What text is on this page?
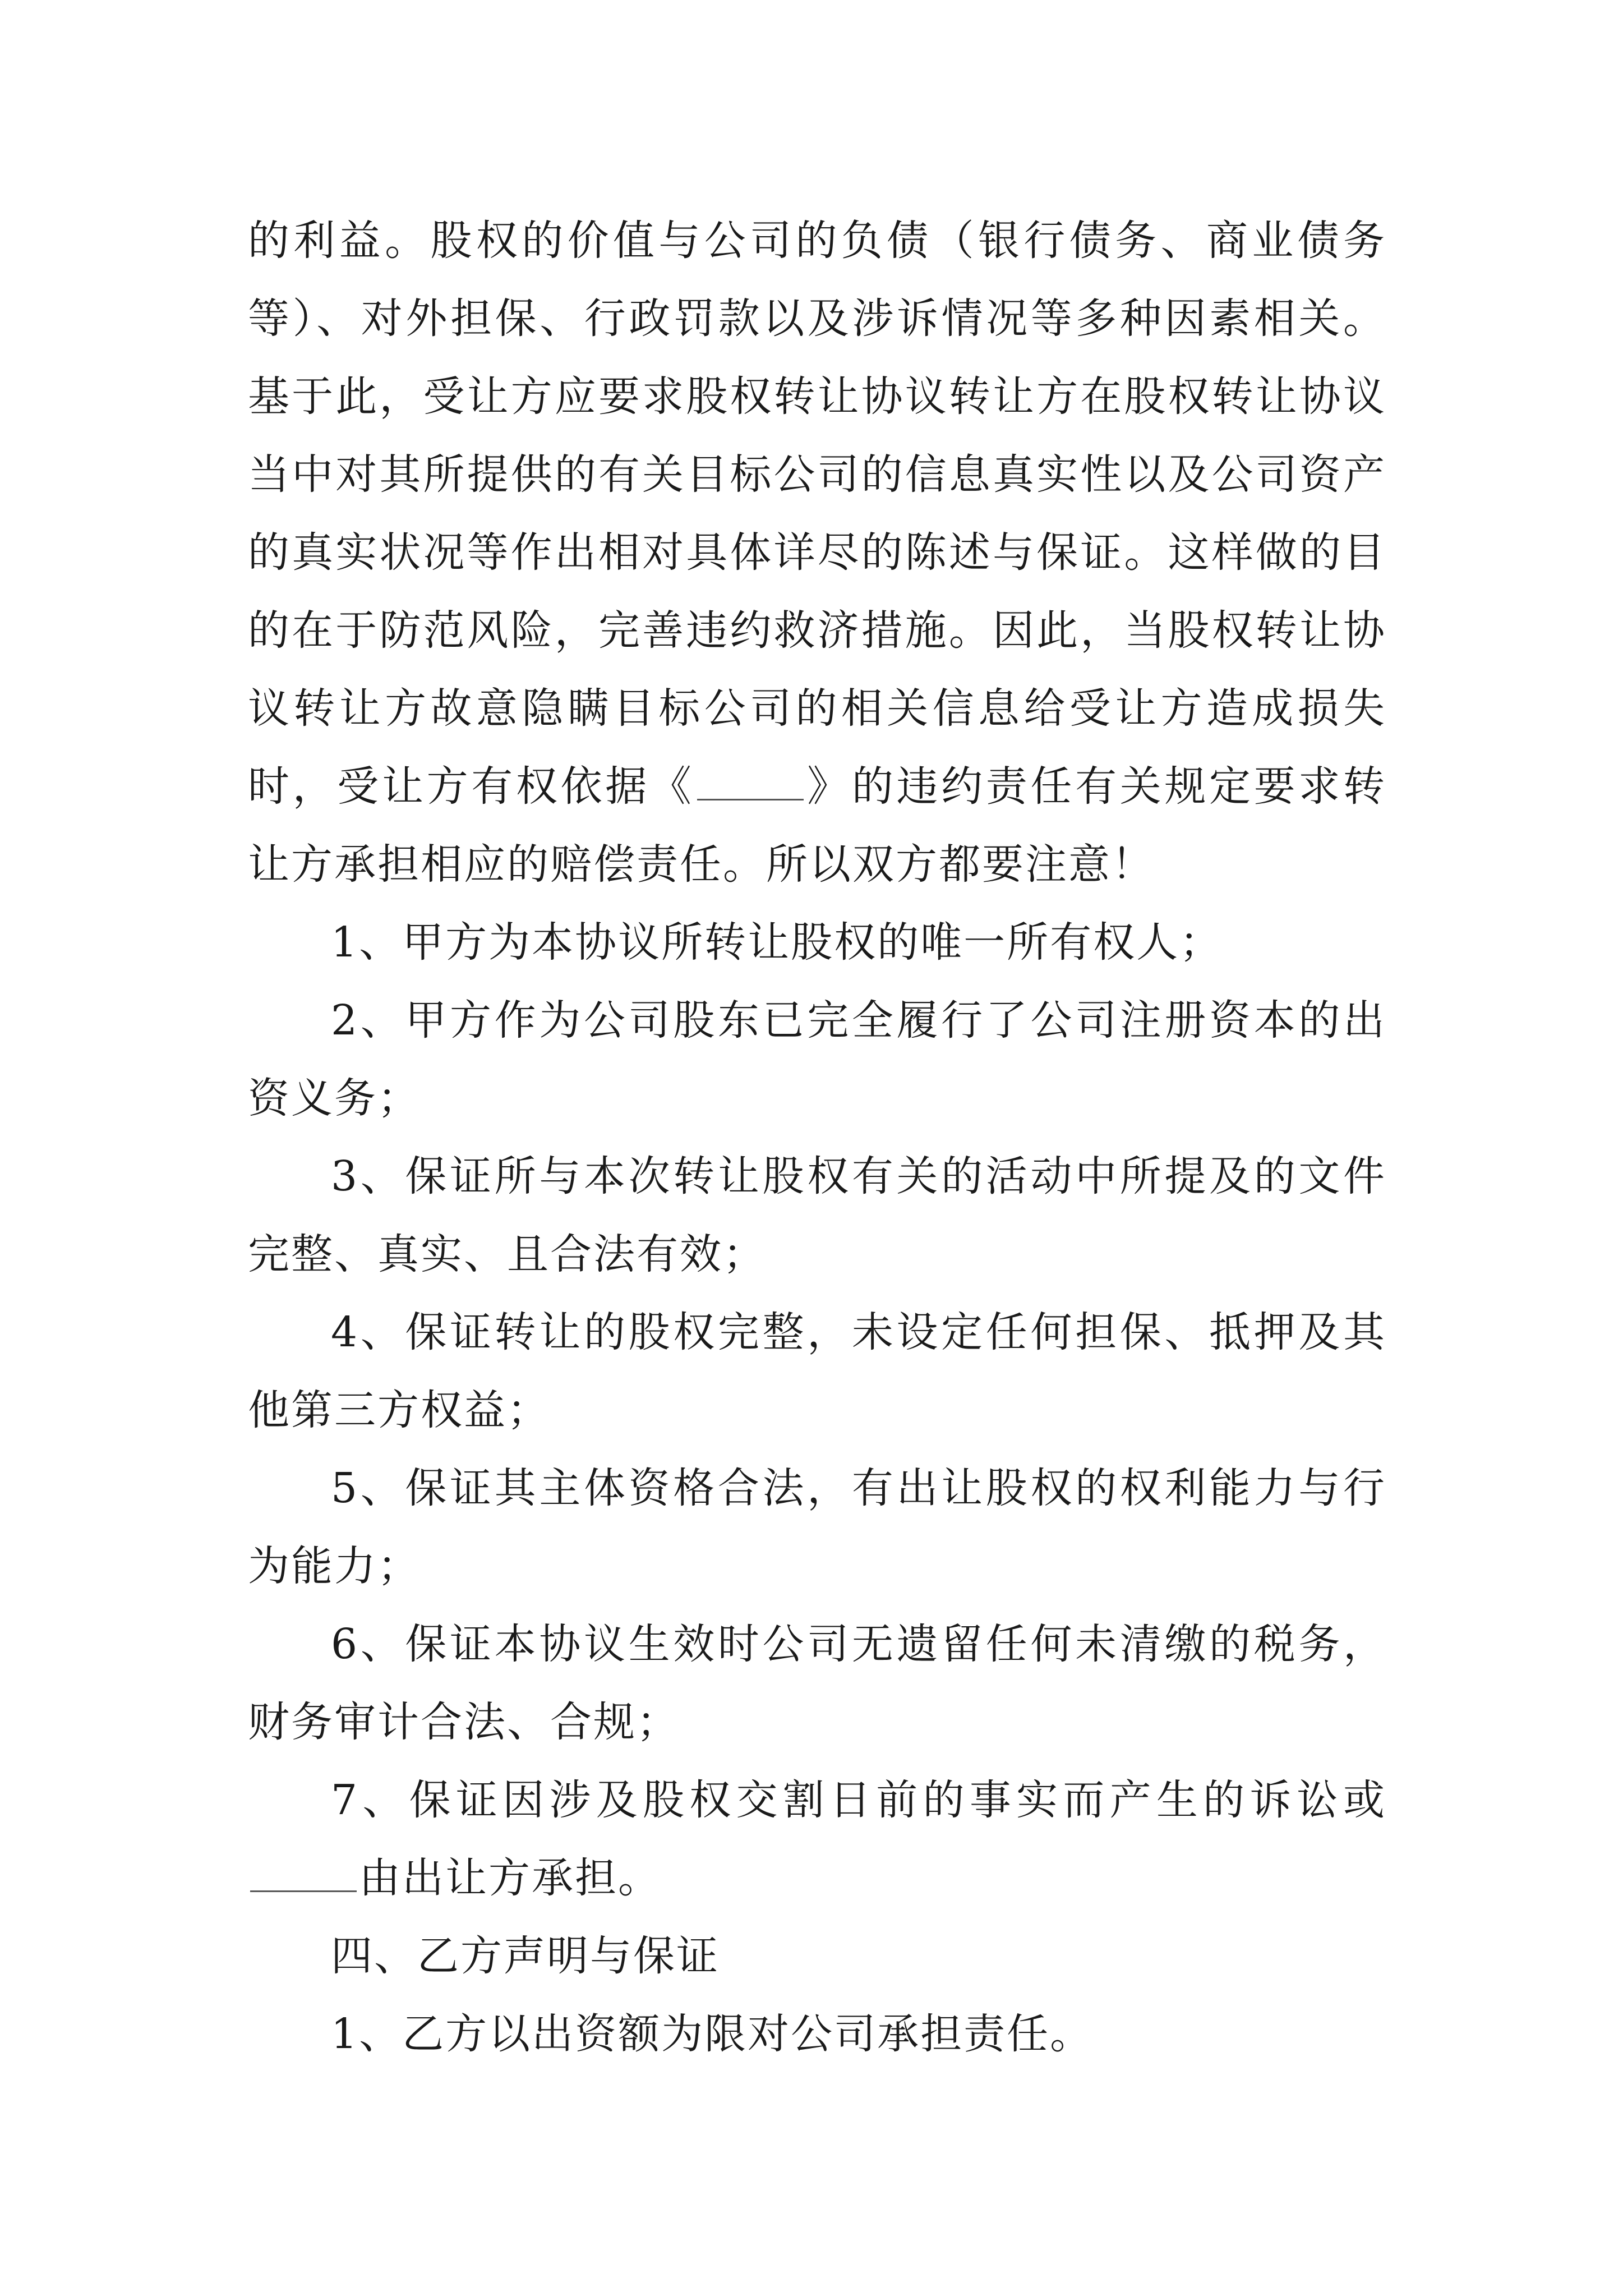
的利益。股权的价值与公司的负债（银行债务、商业债务等）、对外担保、行政罚款以及涉诉情况等多种因素相关。基于此，受让方应要求股权转让协议转让方在股权转让协议当中对其所提供的有关目标公司的信息真实性以及公司资产的真实状况等作出相对具体详尽的陈述与保证。这样做的目的在于防范风险，完善违约救济措施。因此，当股权转让协议转让方故意隐瞒目标公司的相关信息给受让方造成损失时，受让方有权依据《	》的违约责任有关规定要求转让方承担相应的赔偿责任。所以双方都要注意！

1、甲方为本协议所转让股权的唯一所有权人；

2、甲方作为公司股东已完全履行了公司注册资本的出资义务；

3、保证所与本次转让股权有关的活动中所提及的文件完整、真实、且合法有效；

4、保证转让的股权完整，未设定任何担保、抵押及其他第三方权益；

5、保证其主体资格合法，有出让股权的权利能力与行为能力；

6、保证本协议生效时公司无遗留任何未清缴的税务，财务审计合法、合规；

7、保证因涉及股权交割日前的事实而产生的诉讼或由出让方承担。

四、乙方声明与保证

1、乙方以出资额为限对公司承担责任。
